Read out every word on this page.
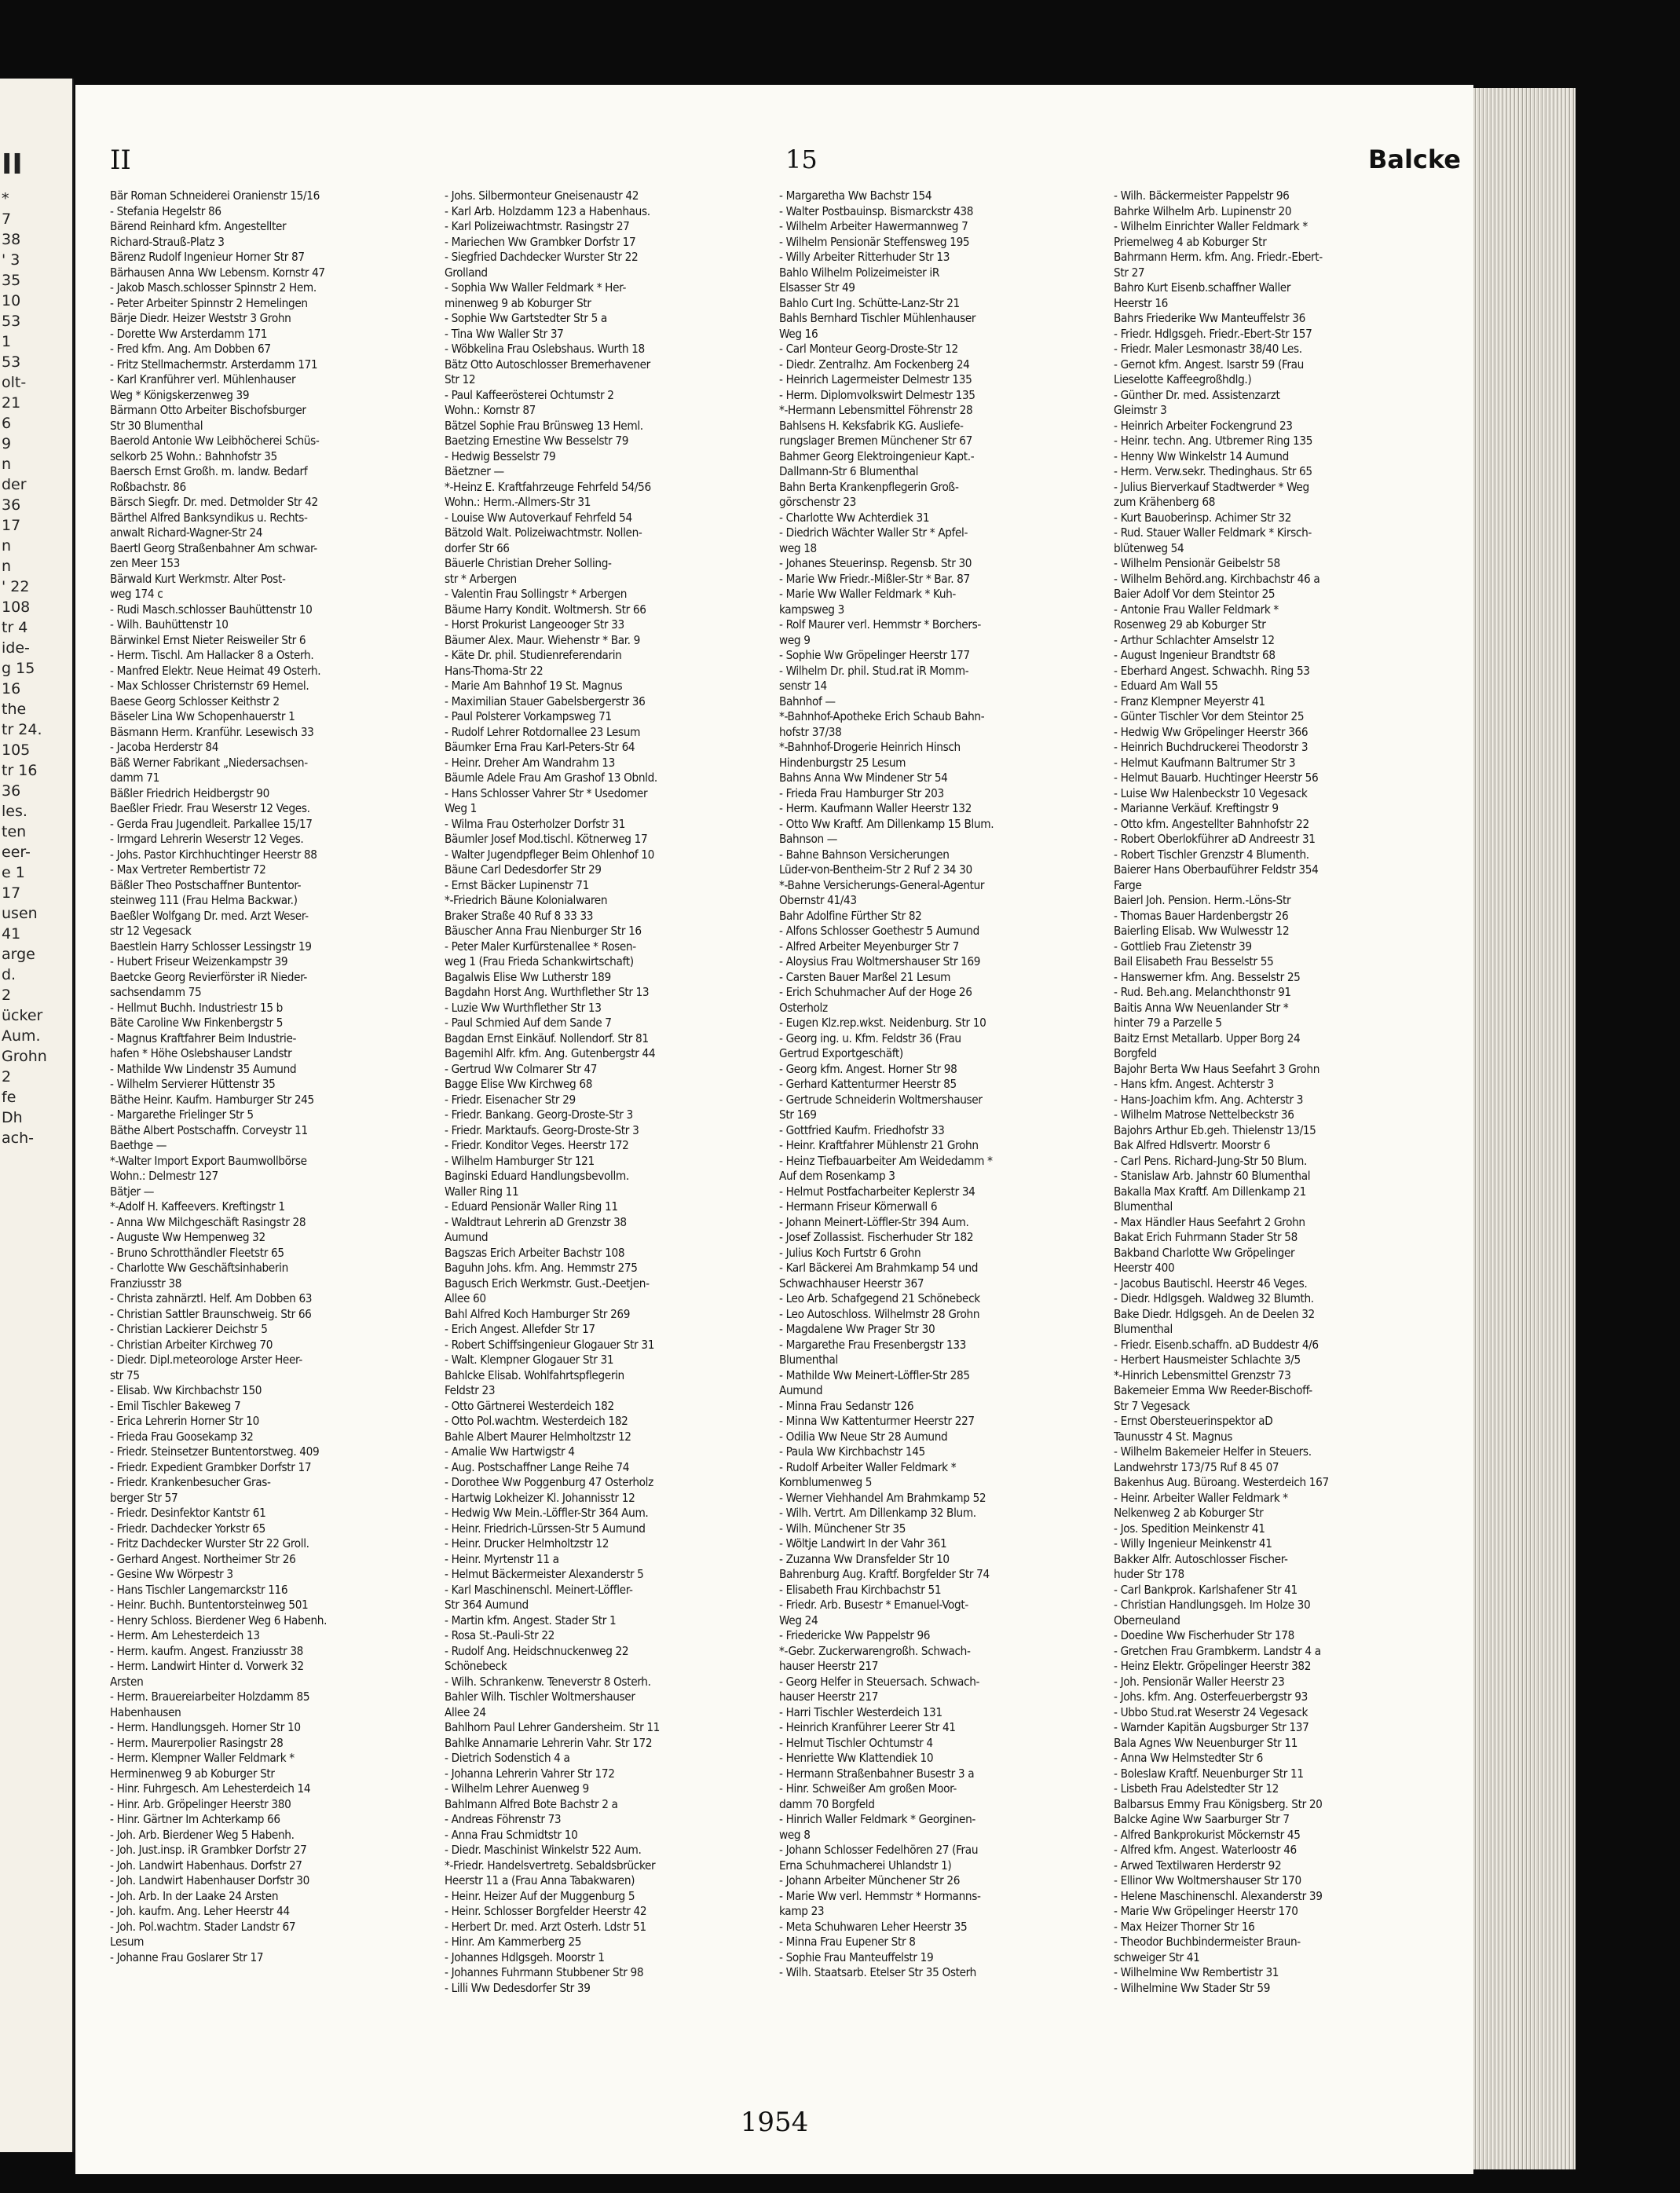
II
*
7
38
' 3
35
10
53
1
53
olt-
21
6
9
n
der
36
17
n
n
' 22
108
tr 4
ide-
g 15
16
the
tr 24.
105
tr 16
36
les.
ten
eer-
e 1
17
usen
41
arge
d.
2
ücker
Aum.
Grohn
2
fe
Dh
ach-
II	15	Balcke
Bär Roman Schneiderei Oranienstr 15/16
- Stefania Hegelstr 86
Bärend Reinhard kfm. Angestellter
Richard-Strauß-Platz 3
Bärenz Rudolf Ingenieur Horner Str 87
Bärhausen Anna Ww Lebensm. Kornstr 47
- Jakob Masch.schlosser Spinnstr 2 Hem.
- Peter Arbeiter Spinnstr 2 Hemelingen
Bärje Diedr. Heizer Weststr 3 Grohn
- Dorette Ww Arsterdamm 171
- Fred kfm. Ang. Am Dobben 67
- Fritz Stellmachermstr. Arsterdamm 171
- Karl Kranführer verl. Mühlenhauser
Weg * Königskerzenweg 39
Bärmann Otto Arbeiter Bischofsburger
Str 30 Blumenthal
Baerold Antonie Ww Leibhöcherei Schüs-
selkorb 25 Wohn.: Bahnhofstr 35
Baersch Ernst Großh. m. landw. Bedarf
Roßbachstr. 86
Bärsch Siegfr. Dr. med. Detmolder Str 42
Bärthel Alfred Banksyndikus u. Rechts-
anwalt Richard-Wagner-Str 24
Baertl Georg Straßenbahner Am schwar-
zen Meer 153
Bärwald Kurt Werkmstr. Alter Post-
weg 174 c
- Rudi Masch.schlosser Bauhüttenstr 10
- Wilh. Bauhüttenstr 10
Bärwinkel Ernst Nieter Reisweiler Str 6
- Herm. Tischl. Am Hallacker 8 a Osterh.
- Manfred Elektr. Neue Heimat 49 Osterh.
- Max Schlosser Christernstr 69 Hemel.
Baese Georg Schlosser Keithstr 2
Bäseler Lina Ww Schopenhauerstr 1
Bäsmann Herm. Kranführ. Lesewisch 33
- Jacoba Herderstr 84
Bäß Werner Fabrikant „Niedersachsen-
damm 71
Bäßler Friedrich Heidbergstr 90
Baeßler Friedr. Frau Weserstr 12 Veges.
- Gerda Frau Jugendleit. Parkallee 15/17
- Irmgard Lehrerin Weserstr 12 Veges.
- Johs. Pastor Kirchhuchtinger Heerstr 88
- Max Vertreter Rembertistr 72
Bäßler Theo Postschaffner Buntentor-
steinweg 111 (Frau Helma Backwar.)
Baeßler Wolfgang Dr. med. Arzt Weser-
str 12 Vegesack
Baestlein Harry Schlosser Lessingstr 19
- Hubert Friseur Weizenkampstr 39
Baetcke Georg Revierförster iR Nieder-
sachsendamm 75
- Hellmut Buchh. Industriestr 15 b
Bäte Caroline Ww Finkenbergstr 5
- Magnus Kraftfahrer Beim Industrie-
hafen * Höhe Oslebshauser Landstr
- Mathilde Ww Lindenstr 35 Aumund
- Wilhelm Servierer Hüttenstr 35
Bäthe Heinr. Kaufm. Hamburger Str 245
- Margarethe Frielinger Str 5
Bäthe Albert Postschaffn. Corveystr 11
Baethge —
*-Walter Import Export Baumwollbörse
Wohn.: Delmestr 127
Bätjer —
*-Adolf H. Kaffeevers. Kreftingstr 1
- Anna Ww Milchgeschäft Rasingstr 28
- Auguste Ww Hempenweg 32
- Bruno Schrotthändler Fleetstr 65
- Charlotte Ww Geschäftsinhaberin
Franziusstr 38
- Christa zahnärztl. Helf. Am Dobben 63
- Christian Sattler Braunschweig. Str 66
- Christian Lackierer Deichstr 5
- Christian Arbeiter Kirchweg 70
- Diedr. Dipl.meteorologe Arster Heer-
str 75
- Elisab. Ww Kirchbachstr 150
- Emil Tischler Bakeweg 7
- Erica Lehrerin Horner Str 10
- Frieda Frau Goosekamp 32
- Friedr. Steinsetzer Buntentorstweg. 409
- Friedr. Expedient Grambker Dorfstr 17
- Friedr. Krankenbesucher Gras-
berger Str 57
- Friedr. Desinfektor Kantstr 61
- Friedr. Dachdecker Yorkstr 65
- Fritz Dachdecker Wurster Str 22 Groll.
- Gerhard Angest. Northeimer Str 26
- Gesine Ww Wörpestr 3
- Hans Tischler Langemarckstr 116
- Heinr. Buchh. Buntentorsteinweg 501
- Henry Schloss. Bierdener Weg 6 Habenh.
- Herm. Am Lehesterdeich 13
- Herm. kaufm. Angest. Franziusstr 38
- Herm. Landwirt Hinter d. Vorwerk 32
Arsten
- Herm. Brauereiarbeiter Holzdamm 85
Habenhausen
- Herm. Handlungsgeh. Horner Str 10
- Herm. Maurerpolier Rasingstr 28
- Herm. Klempner Waller Feldmark *
Herminenweg 9 ab Koburger Str
- Hinr. Fuhrgesch. Am Lehesterdeich 14
- Hinr. Arb. Gröpelinger Heerstr 380
- Hinr. Gärtner Im Achterkamp 66
- Joh. Arb. Bierdener Weg 5 Habenh.
- Joh. Just.insp. iR Grambker Dorfstr 27
- Joh. Landwirt Habenhaus. Dorfstr 27
- Joh. Landwirt Habenhauser Dorfstr 30
- Joh. Arb. In der Laake 24 Arsten
- Joh. kaufm. Ang. Leher Heerstr 44
- Joh. Pol.wachtm. Stader Landstr 67
Lesum
- Johanne Frau Goslarer Str 17
- Johs. Silbermonteur Gneisenaustr 42
- Karl Arb. Holzdamm 123 a Habenhaus.
- Karl Polizeiwachtmstr. Rasingstr 27
- Mariechen Ww Grambker Dorfstr 17
- Siegfried Dachdecker Wurster Str 22
Grolland
- Sophia Ww Waller Feldmark * Her-
minenweg 9 ab Koburger Str
- Sophie Ww Gartstedter Str 5 a
- Tina Ww Waller Str 37
- Wöbkelina Frau Oslebshaus. Wurth 18
Bätz Otto Autoschlosser Bremerhavener
Str 12
- Paul Kaffeerösterei Ochtumstr 2
Wohn.: Kornstr 87
Bätzel Sophie Frau Brünsweg 13 Heml.
Baetzing Ernestine Ww Besselstr 79
- Hedwig Besselstr 79
Bäetzner —
*-Heinz E. Kraftfahrzeuge Fehrfeld 54/56
Wohn.: Herm.-Allmers-Str 31
- Louise Ww Autoverkauf Fehrfeld 54
Bätzold Walt. Polizeiwachtmstr. Nollen-
dorfer Str 66
Bäuerle Christian Dreher Solling-
str * Arbergen
- Valentin Frau Sollingstr * Arbergen
Bäume Harry Kondit. Woltmersh. Str 66
- Horst Prokurist Langeooger Str 33
Bäumer Alex. Maur. Wiehenstr * Bar. 9
- Käte Dr. phil. Studienreferendarin
Hans-Thoma-Str 22
- Marie Am Bahnhof 19 St. Magnus
- Maximilian Stauer Gabelsbergerstr 36
- Paul Polsterer Vorkampsweg 71
- Rudolf Lehrer Rotdornallee 23 Lesum
Bäumker Erna Frau Karl-Peters-Str 64
- Heinr. Dreher Am Wandrahm 13
Bäumle Adele Frau Am Grashof 13 Obnld.
- Hans Schlosser Vahrer Str * Usedomer
Weg 1
- Wilma Frau Osterholzer Dorfstr 31
Bäumler Josef Mod.tischl. Kötnerweg 17
- Walter Jugendpfleger Beim Ohlenhof 10
Bäune Carl Dedesdorfer Str 29
- Ernst Bäcker Lupinenstr 71
*-Friedrich Bäune Kolonialwaren
Braker Straße 40 Ruf 8 33 33
Bäuscher Anna Frau Nienburger Str 16
- Peter Maler Kurfürstenallee * Rosen-
weg 1 (Frau Frieda Schankwirtschaft)
Bagalwis Elise Ww Lutherstr 189
Bagdahn Horst Ang. Wurthflether Str 13
- Luzie Ww Wurthflether Str 13
- Paul Schmied Auf dem Sande 7
Bagdan Ernst Einkäuf. Nollendorf. Str 81
Bagemihl Alfr. kfm. Ang. Gutenbergstr 44
- Gertrud Ww Colmarer Str 47
Bagge Elise Ww Kirchweg 68
- Friedr. Eisenacher Str 29
- Friedr. Bankang. Georg-Droste-Str 3
- Friedr. Marktaufs. Georg-Droste-Str 3
- Friedr. Konditor Veges. Heerstr 172
- Wilhelm Hamburger Str 121
Baginski Eduard Handlungsbevollm.
Waller Ring 11
- Eduard Pensionär Waller Ring 11
- Waldtraut Lehrerin aD Grenzstr 38
Aumund
Bagszas Erich Arbeiter Bachstr 108
Baguhn Johs. kfm. Ang. Hemmstr 275
Bagusch Erich Werkmstr. Gust.-Deetjen-
Allee 60
Bahl Alfred Koch Hamburger Str 269
- Erich Angest. Allefder Str 17
- Robert Schiffsingenieur Glogauer Str 31
- Walt. Klempner Glogauer Str 31
Bahlcke Elisab. Wohlfahrtspflegerin
Feldstr 23
- Otto Gärtnerei Westerdeich 182
- Otto Pol.wachtm. Westerdeich 182
Bahle Albert Maurer Helmholtzstr 12
- Amalie Ww Hartwigstr 4
- Aug. Postschaffner Lange Reihe 74
- Dorothee Ww Poggenburg 47 Osterholz
- Hartwig Lokheizer Kl. Johannisstr 12
- Hedwig Ww Mein.-Löffler-Str 364 Aum.
- Heinr. Friedrich-Lürssen-Str 5 Aumund
- Heinr. Drucker Helmholtzstr 12
- Heinr. Myrtenstr 11 a
- Helmut Bäckermeister Alexanderstr 5
- Karl Maschinenschl. Meinert-Löffler-
Str 364 Aumund
- Martin kfm. Angest. Stader Str 1
- Rosa St.-Pauli-Str 22
- Rudolf Ang. Heidschnuckenweg 22
Schönebeck
- Wilh. Schrankenw. Teneverstr 8 Osterh.
Bahler Wilh. Tischler Woltmershauser
Allee 24
Bahlhorn Paul Lehrer Gandersheim. Str 11
Bahlke Annamarie Lehrerin Vahr. Str 172
- Dietrich Sodenstich 4 a
- Johanna Lehrerin Vahrer Str 172
- Wilhelm Lehrer Auenweg 9
Bahlmann Alfred Bote Bachstr 2 a
- Andreas Föhrenstr 73
- Anna Frau Schmidtstr 10
- Diedr. Maschinist Winkelstr 522 Aum.
*-Friedr. Handelsvertretg. Sebaldsbrücker
Heerstr 11 a (Frau Anna Tabakwaren)
- Heinr. Heizer Auf der Muggenburg 5
- Heinr. Schlosser Borgfelder Heerstr 42
- Herbert Dr. med. Arzt Osterh. Ldstr 51
- Hinr. Am Kammerberg 25
- Johannes Hdlgsgeh. Moorstr 1
- Johannes Fuhrmann Stubbener Str 98
- Lilli Ww Dedesdorfer Str 39
- Margaretha Ww Bachstr 154
- Walter Postbauinsp. Bismarckstr 438
- Wilhelm Arbeiter Hawermannweg 7
- Wilhelm Pensionär Steffensweg 195
- Willy Arbeiter Ritterhuder Str 13
Bahlo Wilhelm Polizeimeister iR
Elsasser Str 49
Bahlo Curt Ing. Schütte-Lanz-Str 21
Bahls Bernhard Tischler Mühlenhauser
Weg 16
- Carl Monteur Georg-Droste-Str 12
- Diedr. Zentralhz. Am Fockenberg 24
- Heinrich Lagermeister Delmestr 135
- Herm. Diplomvolkswirt Delmestr 135
*-Hermann Lebensmittel Föhrenstr 28
Bahlsens H. Keksfabrik KG. Ausliefe-
rungslager Bremen Münchener Str 67
Bahmer Georg Elektroingenieur Kapt.-
Dallmann-Str 6 Blumenthal
Bahn Berta Krankenpflegerin Groß-
görschenstr 23
- Charlotte Ww Achterdiek 31
- Diedrich Wächter Waller Str * Apfel-
weg 18
- Johanes Steuerinsp. Regensb. Str 30
- Marie Ww Friedr.-Mißler-Str * Bar. 87
- Marie Ww Waller Feldmark * Kuh-
kampsweg 3
- Rolf Maurer verl. Hemmstr * Borchers-
weg 9
- Sophie Ww Gröpelinger Heerstr 177
- Wilhelm Dr. phil. Stud.rat iR Momm-
senstr 14
Bahnhof —
*-Bahnhof-Apotheke Erich Schaub Bahn-
hofstr 37/38
*-Bahnhof-Drogerie Heinrich Hinsch
Hindenburgstr 25 Lesum
Bahns Anna Ww Mindener Str 54
- Frieda Frau Hamburger Str 203
- Herm. Kaufmann Waller Heerstr 132
- Otto Ww Kraftf. Am Dillenkamp 15 Blum.
Bahnson —
- Bahne Bahnson Versicherungen
Lüder-von-Bentheim-Str 2 Ruf 2 34 30
*-Bahne Versicherungs-General-Agentur
Obernstr 41/43
Bahr Adolfine Fürther Str 82
- Alfons Schlosser Goethestr 5 Aumund
- Alfred Arbeiter Meyenburger Str 7
- Aloysius Frau Woltmershauser Str 169
- Carsten Bauer Marßel 21 Lesum
- Erich Schuhmacher Auf der Hoge 26
Osterholz
- Eugen Klz.rep.wkst. Neidenburg. Str 10
- Georg ing. u. Kfm. Feldstr 36 (Frau
Gertrud Exportgeschäft)
- Georg kfm. Angest. Horner Str 98
- Gerhard Kattenturmer Heerstr 85
- Gertrude Schneiderin Woltmershauser
Str 169
- Gottfried Kaufm. Friedhofstr 33
- Heinr. Kraftfahrer Mühlenstr 21 Grohn
- Heinz Tiefbauarbeiter Am Weidedamm *
Auf dem Rosenkamp 3
- Helmut Postfacharbeiter Keplerstr 34
- Hermann Friseur Körnerwall 6
- Johann Meinert-Löffler-Str 394 Aum.
- Josef Zollassist. Fischerhuder Str 182
- Julius Koch Furtstr 6 Grohn
- Karl Bäckerei Am Brahmkamp 54 und
Schwachhauser Heerstr 367
- Leo Arb. Schafgegend 21 Schönebeck
- Leo Autoschloss. Wilhelmstr 28 Grohn
- Magdalene Ww Prager Str 30
- Margarethe Frau Fresenbergstr 133
Blumenthal
- Mathilde Ww Meinert-Löffler-Str 285
Aumund
- Minna Frau Sedanstr 126
- Minna Ww Kattenturmer Heerstr 227
- Odilia Ww Neue Str 28 Aumund
- Paula Ww Kirchbachstr 145
- Rudolf Arbeiter Waller Feldmark *
Kornblumenweg 5
- Werner Viehhandel Am Brahmkamp 52
- Wilh. Vertrt. Am Dillenkamp 32 Blum.
- Wilh. Münchener Str 35
- Wöltje Landwirt In der Vahr 361
- Zuzanna Ww Dransfelder Str 10
Bahrenburg Aug. Kraftf. Borgfelder Str 74
- Elisabeth Frau Kirchbachstr 51
- Friedr. Arb. Busestr * Emanuel-Vogt-
Weg 24
- Friedericke Ww Pappelstr 96
*-Gebr. Zuckerwarengroßh. Schwach-
hauser Heerstr 217
- Georg Helfer in Steuersach. Schwach-
hauser Heerstr 217
- Harri Tischler Westerdeich 131
- Heinrich Kranführer Leerer Str 41
- Helmut Tischler Ochtumstr 4
- Henriette Ww Klattendiek 10
- Hermann Straßenbahner Busestr 3 a
- Hinr. Schweißer Am großen Moor-
damm 70 Borgfeld
- Hinrich Waller Feldmark * Georginen-
weg 8
- Johann Schlosser Fedelhören 27 (Frau
Erna Schuhmacherei Uhlandstr 1)
- Johann Arbeiter Münchener Str 26
- Marie Ww verl. Hemmstr * Hormanns-
kamp 23
- Meta Schuhwaren Leher Heerstr 35
- Minna Frau Eupener Str 8
- Sophie Frau Manteuffelstr 19
- Wilh. Staatsarb. Etelser Str 35 Osterh
- Wilh. Bäckermeister Pappelstr 96
Bahrke Wilhelm Arb. Lupinenstr 20
- Wilhelm Einrichter Waller Feldmark *
Priemelweg 4 ab Koburger Str
Bahrmann Herm. kfm. Ang. Friedr.-Ebert-
Str 27
Bahro Kurt Eisenb.schaffner Waller
Heerstr 16
Bahrs Friederike Ww Manteuffelstr 36
- Friedr. Hdlgsgeh. Friedr.-Ebert-Str 157
- Friedr. Maler Lesmonastr 38/40 Les.
- Gernot kfm. Angest. Isarstr 59 (Frau
Lieselotte Kaffeegroßhdlg.)
- Günther Dr. med. Assistenzarzt
Gleimstr 3
- Heinrich Arbeiter Fockengrund 23
- Heinr. techn. Ang. Utbremer Ring 135
- Henny Ww Winkelstr 14 Aumund
- Herm. Verw.sekr. Thedinghaus. Str 65
- Julius Bierverkauf Stadtwerder * Weg
zum Krähenberg 68
- Kurt Bauoberinsp. Achimer Str 32
- Rud. Stauer Waller Feldmark * Kirsch-
blütenweg 54
- Wilhelm Pensionär Geibelstr 58
- Wilhelm Behörd.ang. Kirchbachstr 46 a
Baier Adolf Vor dem Steintor 25
- Antonie Frau Waller Feldmark *
Rosenweg 29 ab Koburger Str
- Arthur Schlachter Amselstr 12
- August Ingenieur Brandtstr 68
- Eberhard Angest. Schwachh. Ring 53
- Eduard Am Wall 55
- Franz Klempner Meyerstr 41
- Günter Tischler Vor dem Steintor 25
- Hedwig Ww Gröpelinger Heerstr 366
- Heinrich Buchdruckerei Theodorstr 3
- Helmut Kaufmann Baltrumer Str 3
- Helmut Bauarb. Huchtinger Heerstr 56
- Luise Ww Halenbeckstr 10 Vegesack
- Marianne Verkäuf. Kreftingstr 9
- Otto kfm. Angestellter Bahnhofstr 22
- Robert Oberlokführer aD Andreestr 31
- Robert Tischler Grenzstr 4 Blumenth.
Baierer Hans Oberbauführer Feldstr 354
Farge
Baierl Joh. Pension. Herm.-Löns-Str
- Thomas Bauer Hardenbergstr 26
Baierling Elisab. Ww Wulwesstr 12
- Gottlieb Frau Zietenstr 39
Bail Elisabeth Frau Besselstr 55
- Hanswerner kfm. Ang. Besselstr 25
- Rud. Beh.ang. Melanchthonstr 91
Baitis Anna Ww Neuenlander Str *
hinter 79 a Parzelle 5
Baitz Ernst Metallarb. Upper Borg 24
Borgfeld
Bajohr Berta Ww Haus Seefahrt 3 Grohn
- Hans kfm. Angest. Achterstr 3
- Hans-Joachim kfm. Ang. Achterstr 3
- Wilhelm Matrose Nettelbeckstr 36
Bajohrs Arthur Eb.geh. Thielenstr 13/15
Bak Alfred Hdlsvertr. Moorstr 6
- Carl Pens. Richard-Jung-Str 50 Blum.
- Stanislaw Arb. Jahnstr 60 Blumenthal
Bakalla Max Kraftf. Am Dillenkamp 21
Blumenthal
- Max Händler Haus Seefahrt 2 Grohn
Bakat Erich Fuhrmann Stader Str 58
Bakband Charlotte Ww Gröpelinger
Heerstr 400
- Jacobus Bautischl. Heerstr 46 Veges.
- Diedr. Hdlgsgeh. Waldweg 32 Blumth.
Bake Diedr. Hdlgsgeh. An de Deelen 32
Blumenthal
- Friedr. Eisenb.schaffn. aD Buddestr 4/6
- Herbert Hausmeister Schlachte 3/5
*-Hinrich Lebensmittel Grenzstr 73
Bakemeier Emma Ww Reeder-Bischoff-
Str 7 Vegesack
- Ernst Obersteuerinspektor aD
Taunusstr 4 St. Magnus
- Wilhelm Bakemeier Helfer in Steuers.
Landwehrstr 173/75 Ruf 8 45 07
Bakenhus Aug. Büroang. Westerdeich 167
- Heinr. Arbeiter Waller Feldmark *
Nelkenweg 2 ab Koburger Str
- Jos. Spedition Meinkenstr 41
- Willy Ingenieur Meinkenstr 41
Bakker Alfr. Autoschlosser Fischer-
huder Str 178
- Carl Bankprok. Karlshafener Str 41
- Christian Handlungsgeh. Im Holze 30
Oberneuland
- Doedine Ww Fischerhuder Str 178
- Gretchen Frau Grambkerm. Landstr 4 a
- Heinz Elektr. Gröpelinger Heerstr 382
- Joh. Pensionär Waller Heerstr 23
- Johs. kfm. Ang. Osterfeuerbergstr 93
- Ubbo Stud.rat Weserstr 24 Vegesack
- Warnder Kapitän Augsburger Str 137
Bala Agnes Ww Neuenburger Str 11
- Anna Ww Helmstedter Str 6
- Boleslaw Kraftf. Neuenburger Str 11
- Lisbeth Frau Adelstedter Str 12
Balbarsus Emmy Frau Königsberg. Str 20
Balcke Agine Ww Saarburger Str 7
- Alfred Bankprokurist Möckernstr 45
- Alfred kfm. Angest. Waterloostr 46
- Arwed Textilwaren Herderstr 92
- Ellinor Ww Woltmershauser Str 170
- Helene Maschinenschl. Alexanderstr 39
- Marie Ww Gröpelinger Heerstr 170
- Max Heizer Thorner Str 16
- Theodor Buchbindermeister Braun-
schweiger Str 41
- Wilhelmine Ww Rembertistr 31
- Wilhelmine Ww Stader Str 59
1954
